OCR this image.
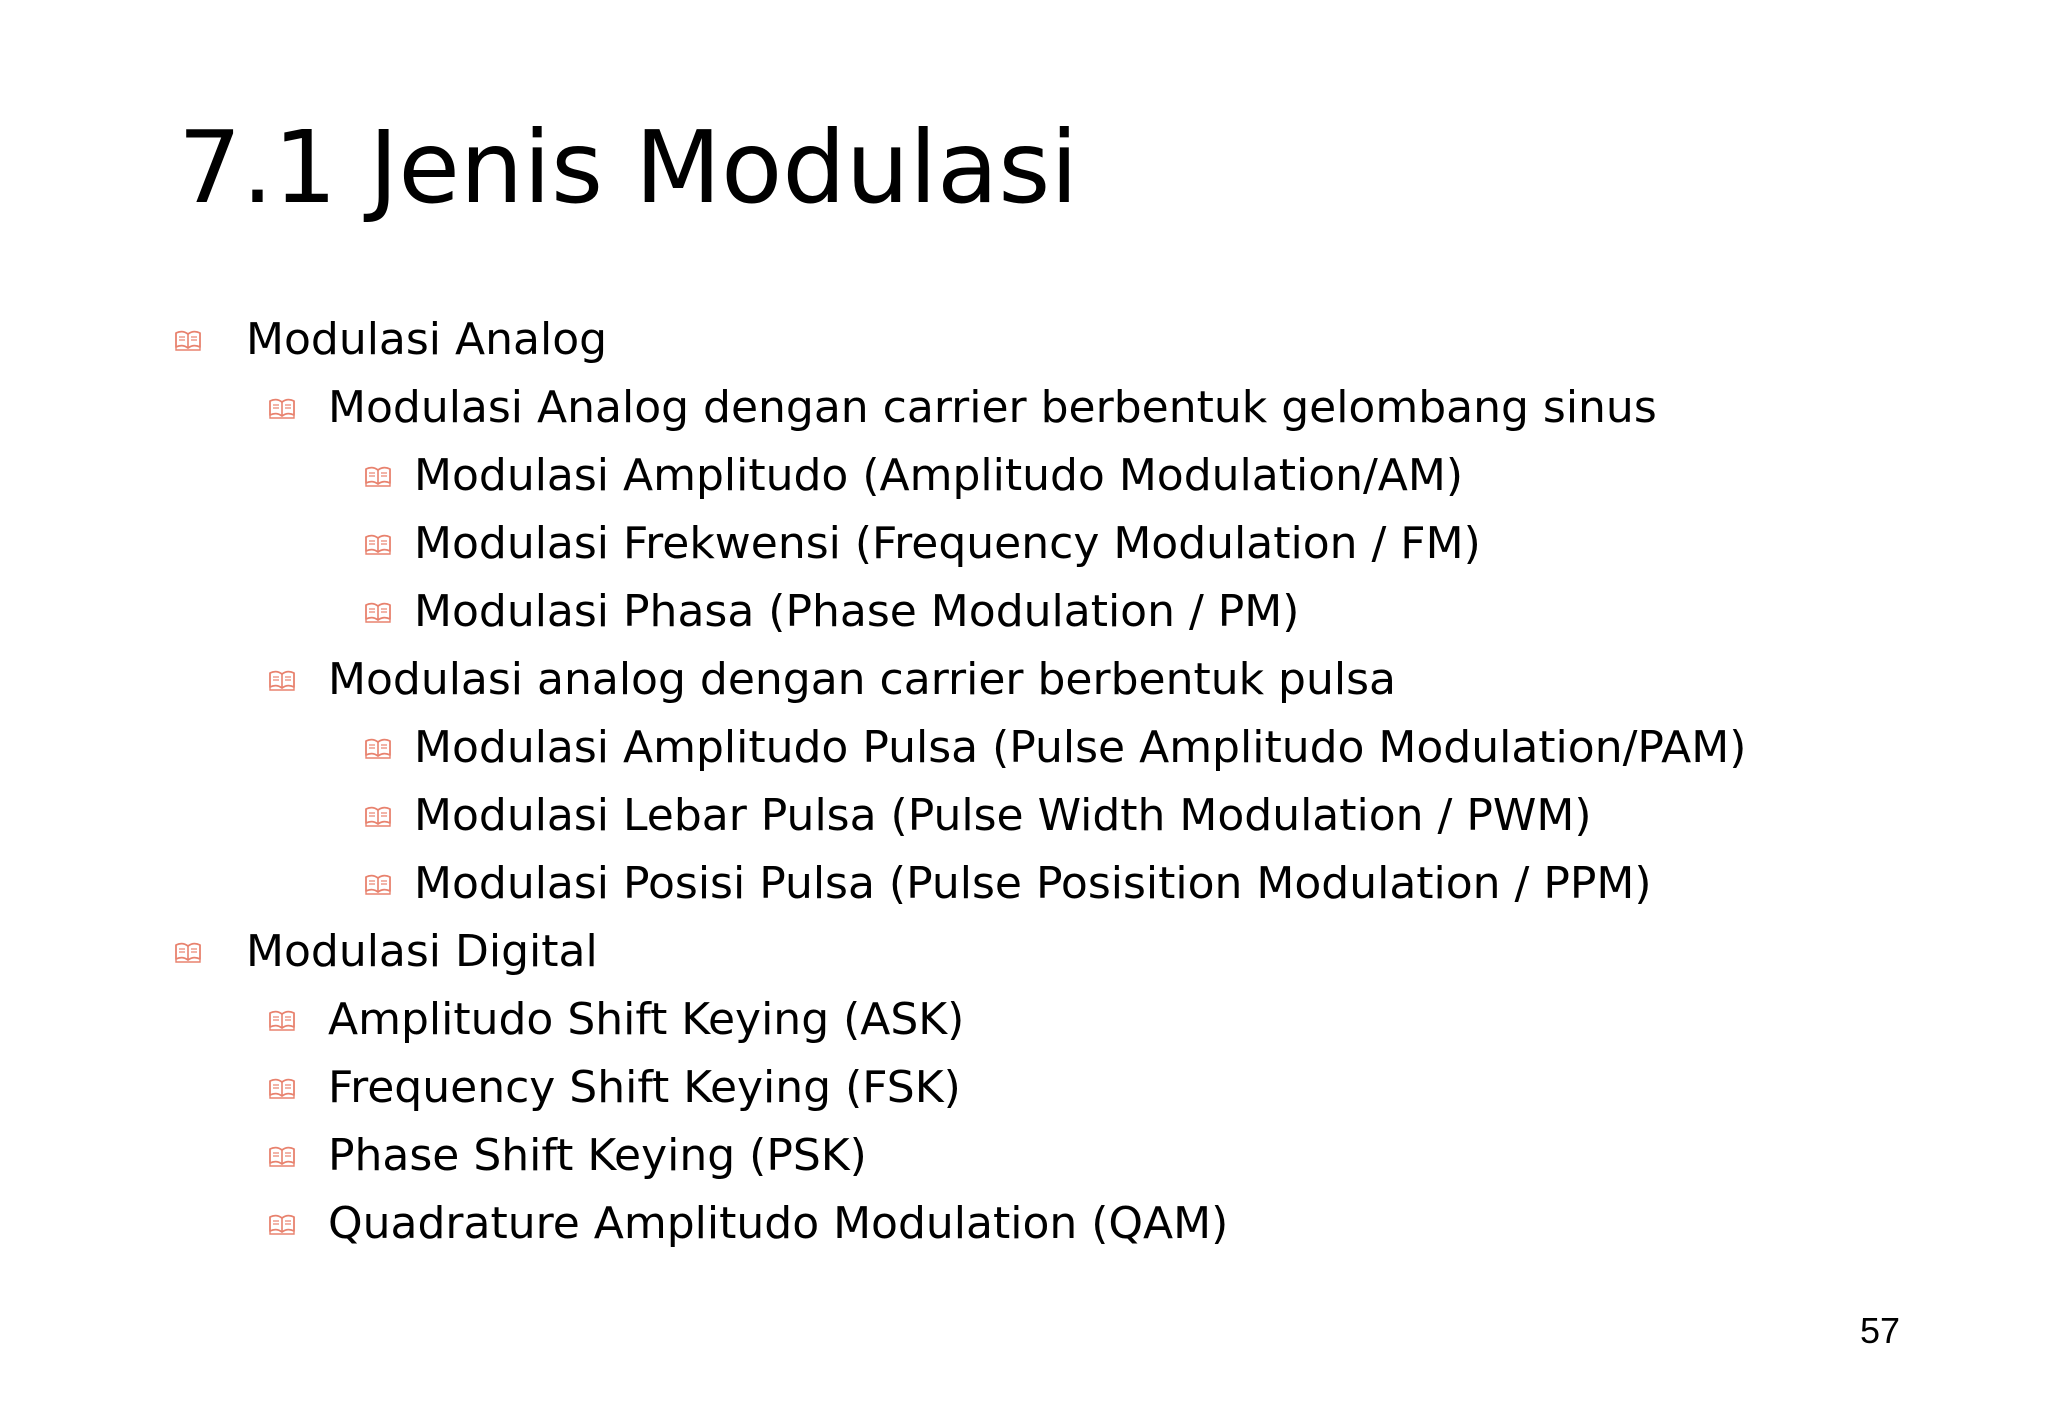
7.1 Jenis Modulasi
Modulasi Analog
Modulasi Analog dengan carrier berbentuk gelombang sinus
Modulasi Amplitudo (Amplitudo Modulation/AM)
Modulasi Frekwensi (Frequency Modulation / FM)
Modulasi Phasa (Phase Modulation / PM)
Modulasi analog dengan carrier berbentuk pulsa
Modulasi Amplitudo Pulsa (Pulse Amplitudo Modulation/PAM)
Modulasi Lebar Pulsa (Pulse Width Modulation / PWM)
Modulasi Posisi Pulsa (Pulse Posisition Modulation / PPM)
Modulasi Digital
Amplitudo Shift Keying (ASK)
Frequency Shift Keying (FSK)
Phase Shift Keying (PSK)
Quadrature Amplitudo Modulation (QAM)
57
